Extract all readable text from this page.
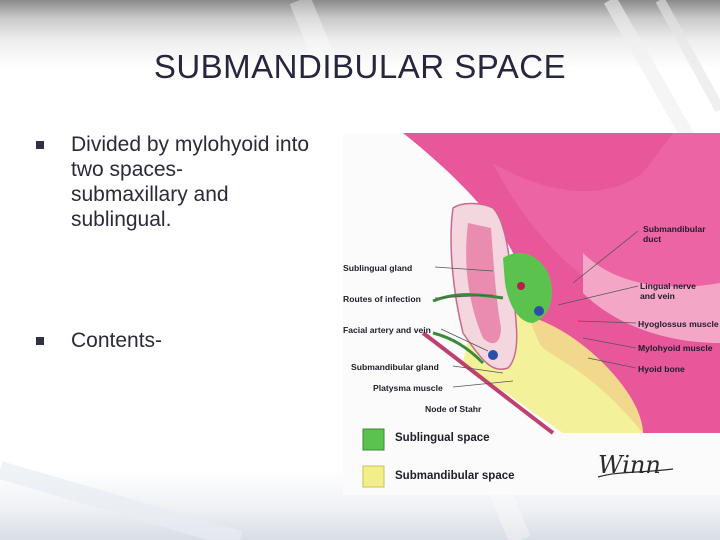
SUBMANDIBULAR SPACE
Divided by mylohyoid into
two spaces-
submaxillary and
sublingual.
Contents-
Sublingual gland
Routes of infection
Facial artery and vein
Submandibular gland
Platysma muscle
Node of Stahr
Submandibular
duct
Lingual nerve
and vein
Hyoglossus muscle
Mylohyoid muscle
Hyoid bone
Sublingual space
Submandibular space	Winn
